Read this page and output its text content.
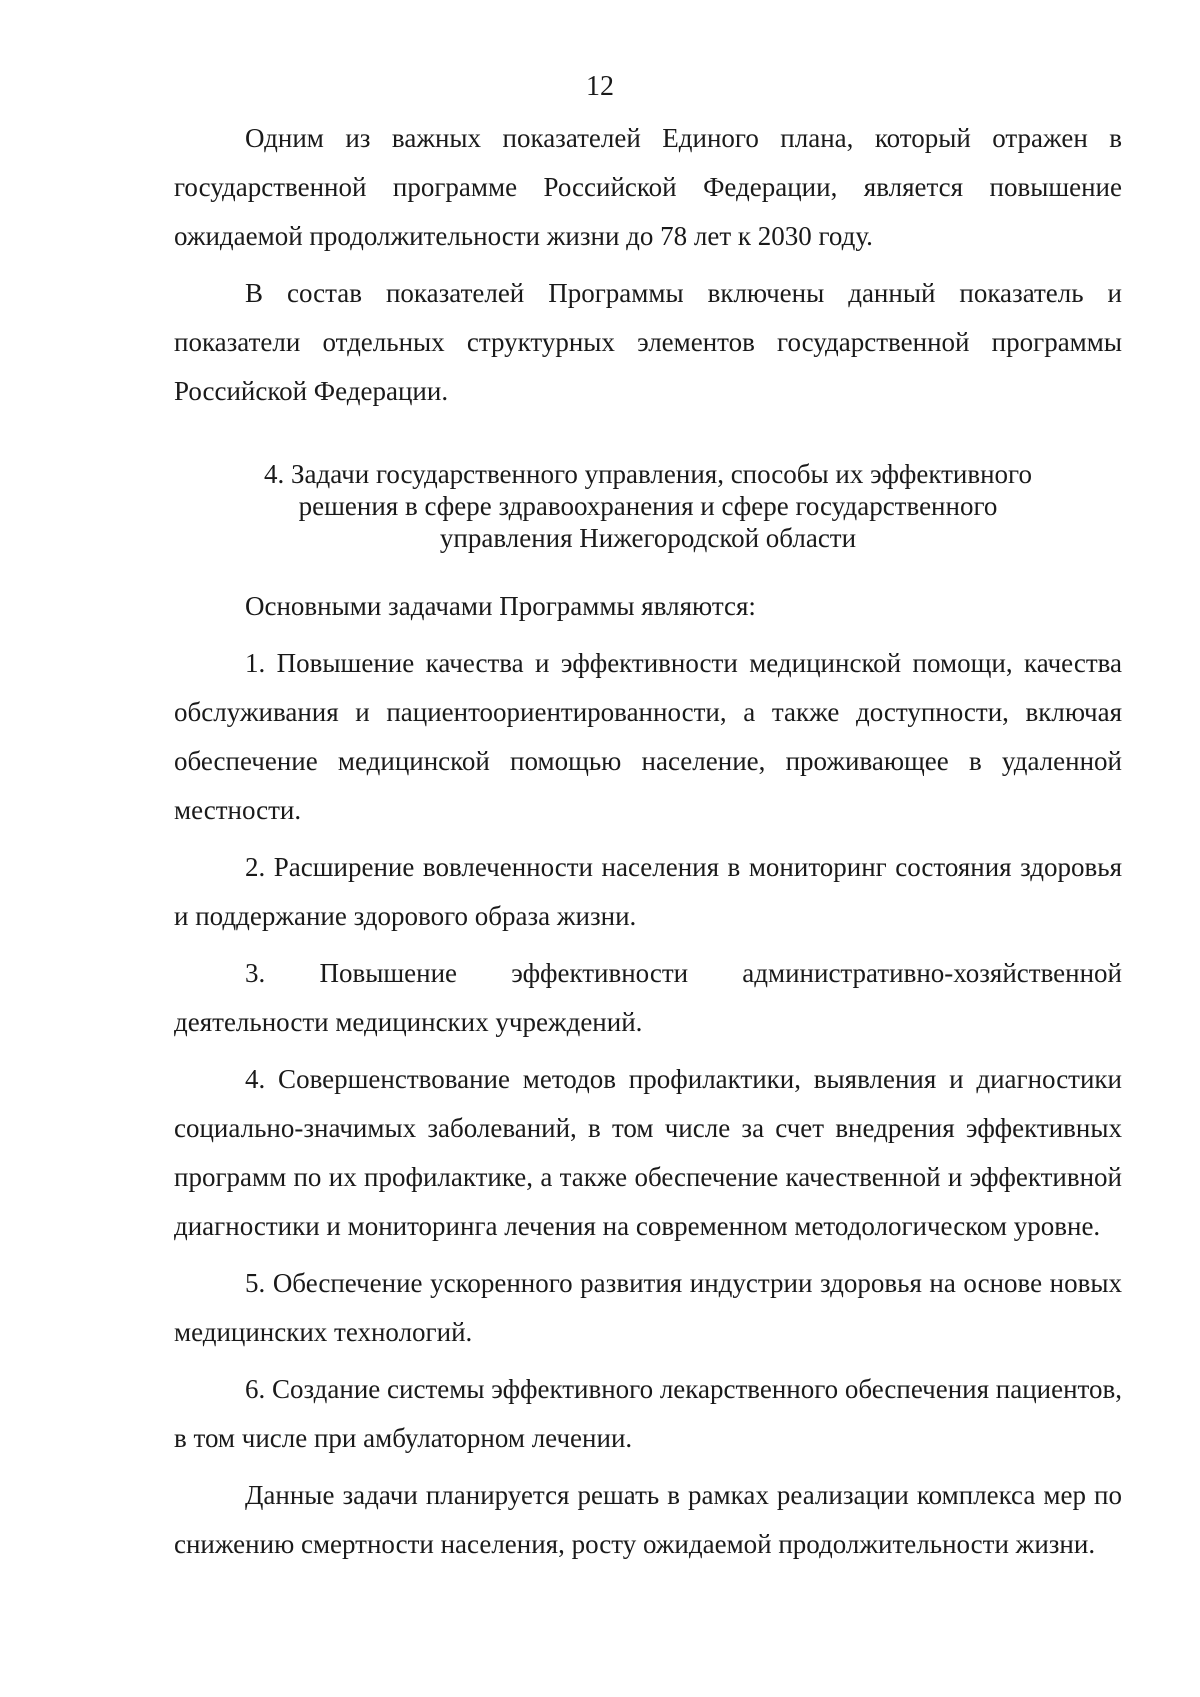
12

Одним из важных показателей Единого плана, который отражен в государственной программе Российской Федерации, является повышение ожидаемой продолжительности жизни до 78 лет к 2030 году.

В состав показателей Программы включены данный показатель и показатели отдельных структурных элементов государственной программы Российской Федерации.

4. Задачи государственного управления, способы их эффективного
решения в сфере здравоохранения и сфере государственного
управления Нижегородской области

Основными задачами Программы являются:

1. Повышение качества и эффективности медицинской помощи, качества обслуживания и пациентоориентированности, а также доступности, включая обеспечение медицинской помощью население, проживающее в удаленной местности.

2. Расширение вовлеченности населения в мониторинг состояния здоровья и поддержание здорового образа жизни.

3. Повышение эффективности административно-хозяйственной деятельности медицинских учреждений.

4. Совершенствование методов профилактики, выявления и диагностики социально-значимых заболеваний, в том числе за счет внедрения эффективных программ по их профилактике, а также обеспечение качественной и эффективной диагностики и мониторинга лечения на современном методологическом уровне.

5. Обеспечение ускоренного развития индустрии здоровья на основе новых медицинских технологий.

6. Создание системы эффективного лекарственного обеспечения пациентов, в том числе при амбулаторном лечении.

Данные задачи планируется решать в рамках реализации комплекса мер по снижению смертности населения, росту ожидаемой продолжительности жизни.
